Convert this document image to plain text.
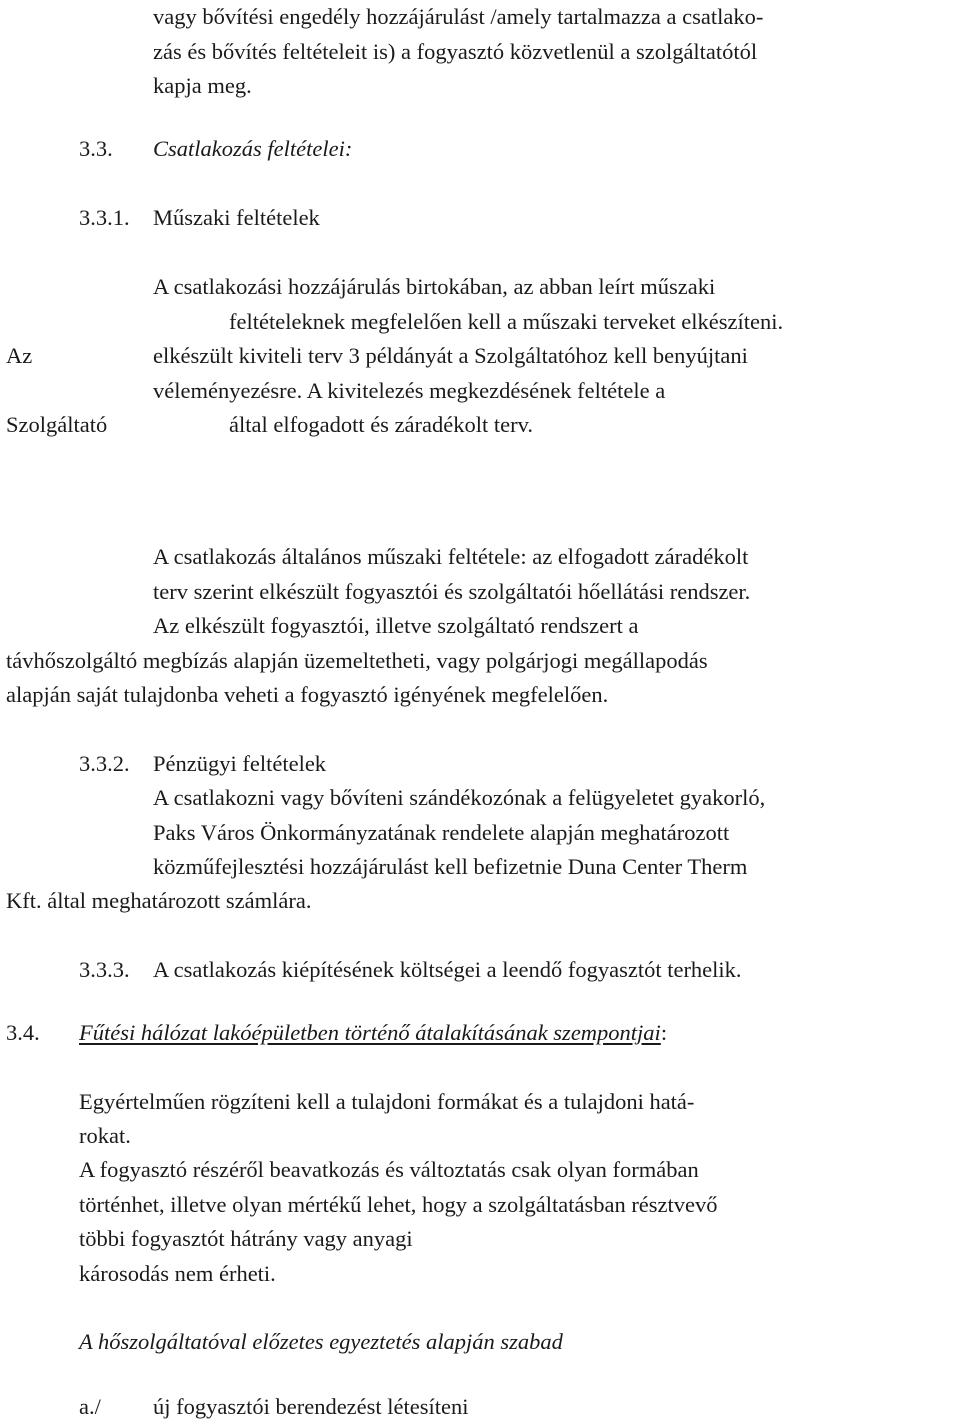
vagy bővítési engedély hozzájárulást /amely tartalmazza a csatlako-
zás és bővítés feltételeit is) a fogyasztó közvetlenül a szolgáltatótól
kapja meg.
3.3. Csatlakozás feltételei:
3.3.1. Műszaki feltételek
A csatlakozási hozzájárulás birtokában, az abban leírt műszaki
feltételeknek megfelelően kell a műszaki terveket elkészíteni.
Az	elkészült kiviteli terv 3 példányát a Szolgáltatóhoz kell benyújtani
véleményezésre. A kivitelezés megkezdésének feltétele a
Szolgáltató	által elfogadott és záradékolt terv.
A csatlakozás általános műszaki feltétele: az elfogadott záradékolt
terv szerint elkészült fogyasztói és szolgáltatói hőellátási rendszer.
Az elkészült fogyasztói, illetve szolgáltató rendszert a
távhőszolgáltó megbízás alapján üzemeltetheti, vagy polgárjogi megállapodás
alapján saját tulajdonba veheti a fogyasztó igényének megfelelően.
3.3.2. Pénzügyi feltételek
A csatlakozni vagy bővíteni szándékozónak a felügyeletet gyakorló,
Paks Város Önkormányzatának rendelete alapján meghatározott
közműfejlesztési hozzájárulást kell befizetnie Duna Center Therm
Kft. által meghatározott számlára.
3.3.3. A csatlakozás kiépítésének költségei a leendő fogyasztót terhelik.
3.4. Fűtési hálózat lakóépületben történő átalakításának szempontjai:
Egyértelműen rögzíteni kell a tulajdoni formákat és a tulajdoni hatá-
rokat.
A fogyasztó részéről beavatkozás és változtatás csak olyan formában
történhet, illetve olyan mértékű lehet, hogy a szolgáltatásban résztvevő
többi fogyasztót hátrány vagy anyagi
károsodás nem érheti.
A hőszolgáltatóval előzetes egyeztetés alapján szabad
a./ új fogyasztói berendezést létesíteni
